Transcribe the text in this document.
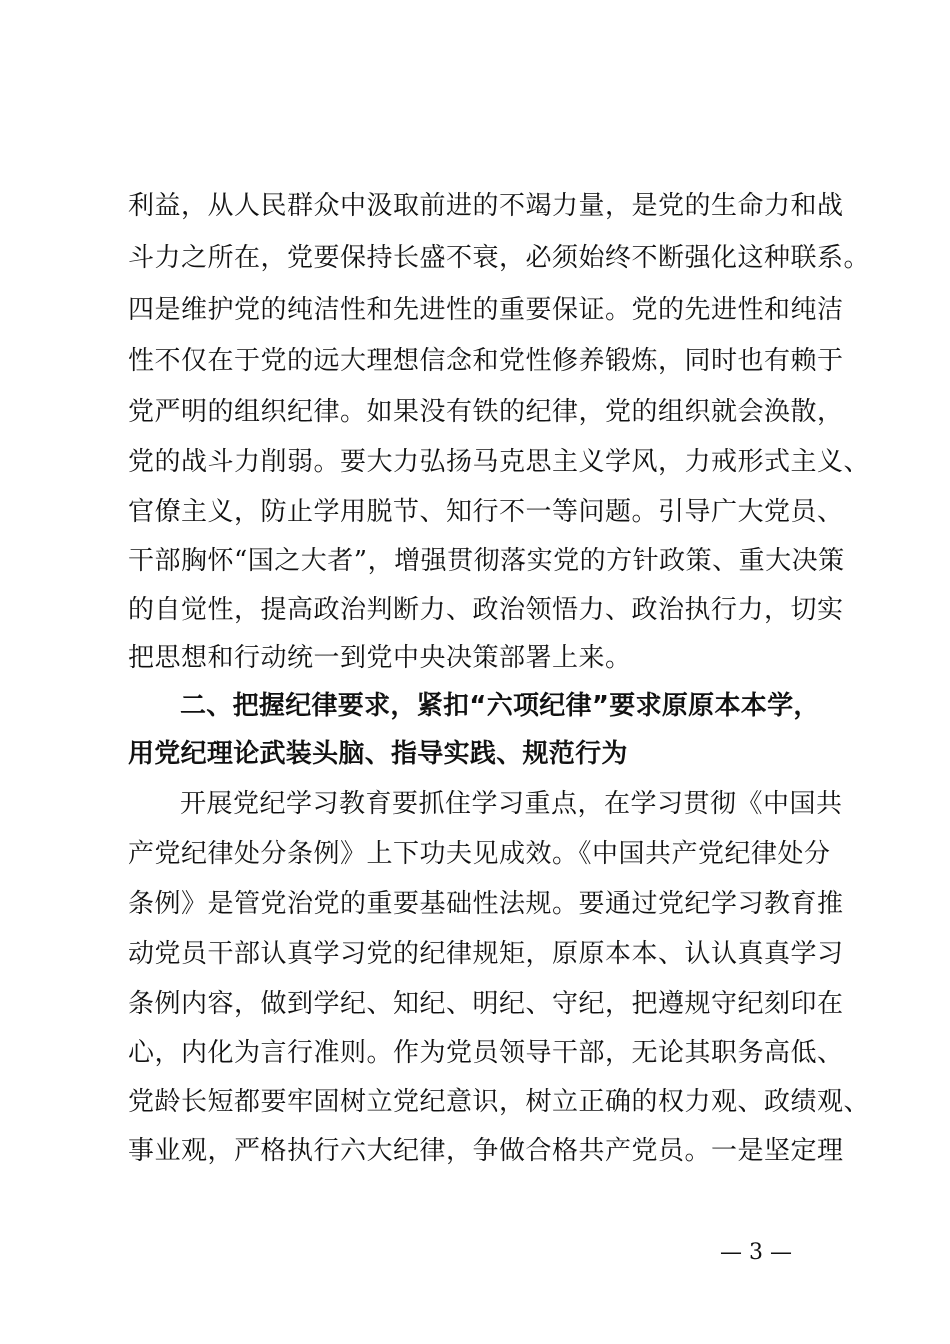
利益，从人民群众中汲取前进的不竭力量，是党的生命力和战
斗力之所在，党要保持长盛不衰，必须始终不断强化这种联系。
四是维护党的纯洁性和先进性的重要保证。党的先进性和纯洁
性不仅在于党的远大理想信念和党性修养锻炼，同时也有赖于
党严明的组织纪律。如果没有铁的纪律，党的组织就会涣散，
党的战斗力削弱。要大力弘扬马克思主义学风，力戒形式主义、
官僚主义，防止学用脱节、知行不一等问题。引导广大党员、
干部胸怀“国之大者”，增强贯彻落实党的方针政策、重大决策
的自觉性，提高政治判断力、政治领悟力、政治执行力，切实
把思想和行动统一到党中央决策部署上来。
二、把握纪律要求，紧扣“六项纪律”要求原原本本学，
用党纪理论武装头脑、指导实践、规范行为
开展党纪学习教育要抓住学习重点，在学习贯彻《中国共
产党纪律处分条例》上下功夫见成效。《中国共产党纪律处分
条例》是管党治党的重要基础性法规。要通过党纪学习教育推
动党员干部认真学习党的纪律规矩，原原本本、认认真真学习
条例内容，做到学纪、知纪、明纪、守纪，把遵规守纪刻印在
心，内化为言行准则。作为党员领导干部，无论其职务高低、
党龄长短都要牢固树立党纪意识，树立正确的权力观、政绩观、
事业观，严格执行六大纪律，争做合格共产党员。一是坚定理
— 3 —
